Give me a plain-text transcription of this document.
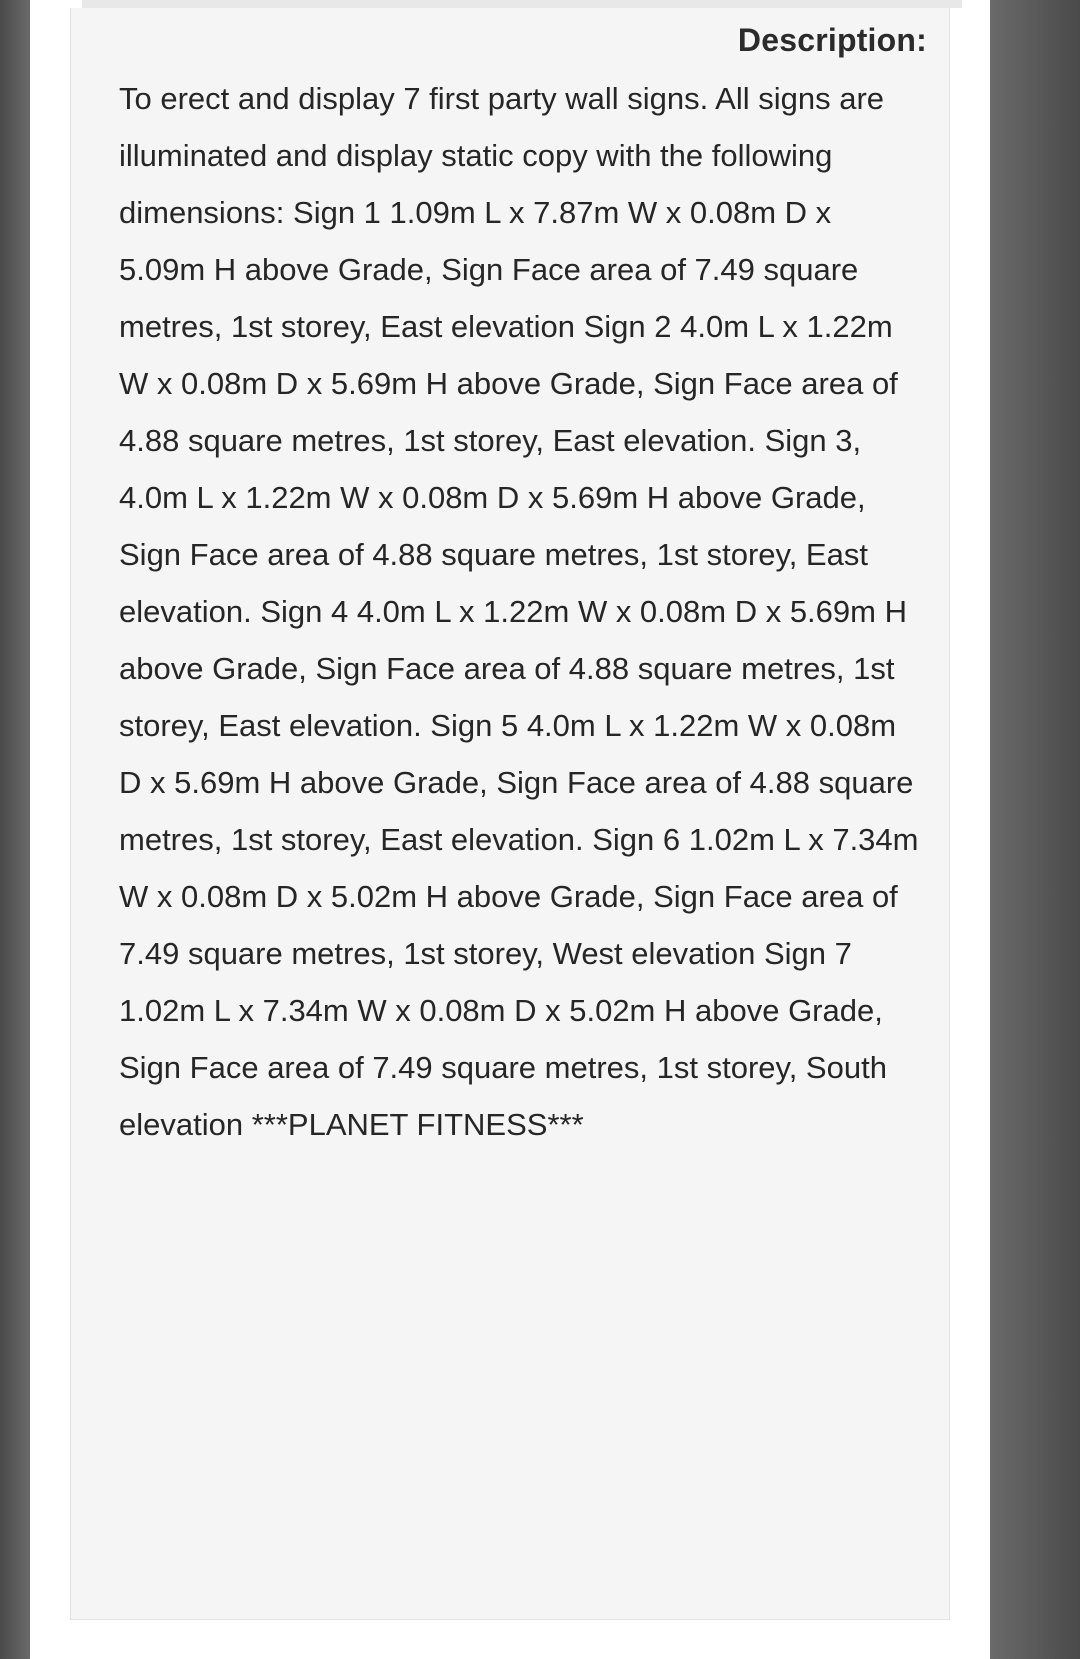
Description:
To erect and display 7 first party wall signs. All signs are illuminated and display static copy with the following dimensions: Sign 1 1.09m L x 7.87m W x 0.08m D x 5.09m H above Grade, Sign Face area of 7.49 square metres, 1st storey, East elevation Sign 2 4.0m L x 1.22m W x 0.08m D x 5.69m H above Grade, Sign Face area of 4.88 square metres, 1st storey, East elevation. Sign 3, 4.0m L x 1.22m W x 0.08m D x 5.69m H above Grade, Sign Face area of 4.88 square metres, 1st storey, East elevation. Sign 4 4.0m L x 1.22m W x 0.08m D x 5.69m H above Grade, Sign Face area of 4.88 square metres, 1st storey, East elevation. Sign 5 4.0m L x 1.22m W x 0.08m D x 5.69m H above Grade, Sign Face area of 4.88 square metres, 1st storey, East elevation. Sign 6 1.02m L x 7.34m W x 0.08m D x 5.02m H above Grade, Sign Face area of 7.49 square metres, 1st storey, West elevation Sign 7 1.02m L x 7.34m W x 0.08m D x 5.02m H above Grade, Sign Face area of 7.49 square metres, 1st storey, South elevation ***PLANET FITNESS***
